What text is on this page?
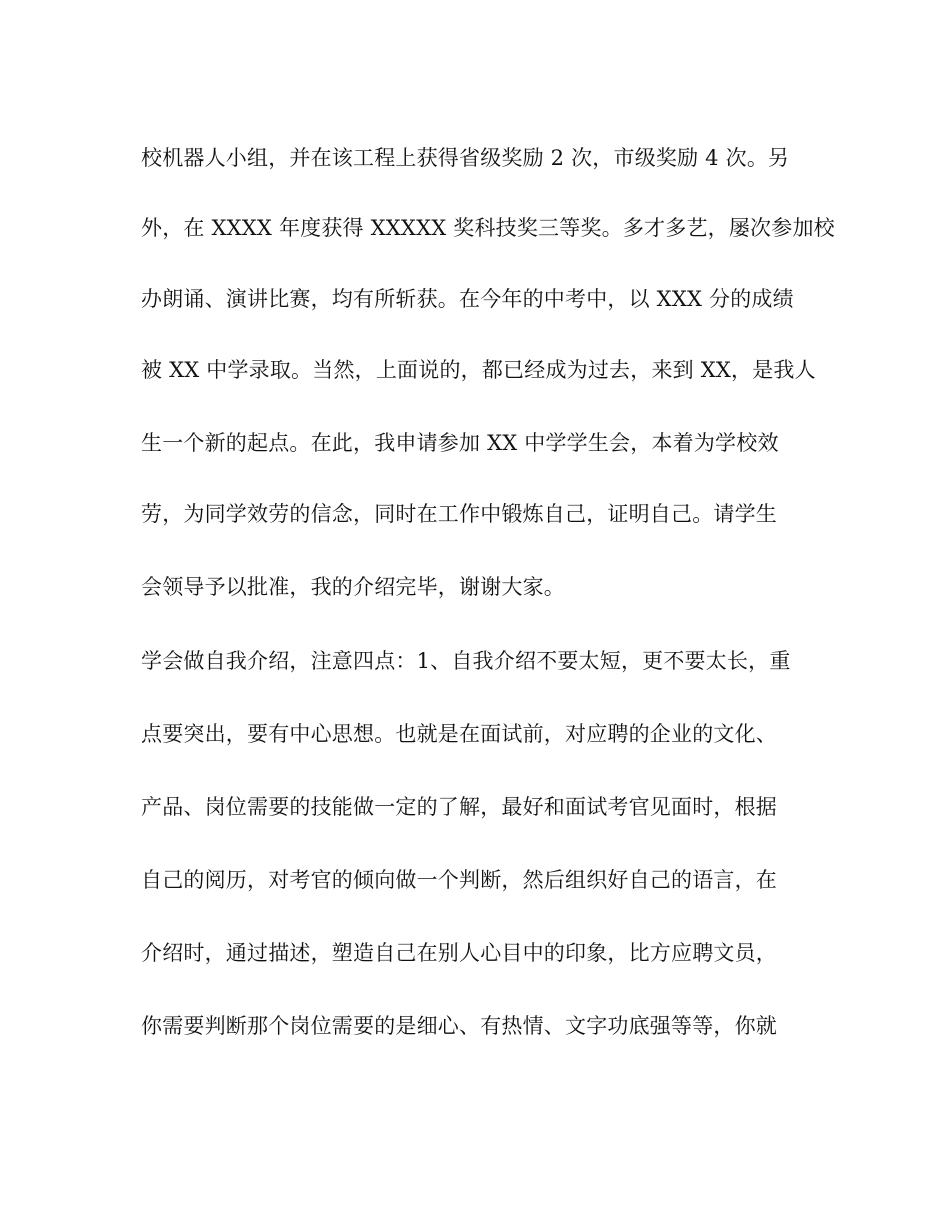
校机器人小组，并在该工程上获得省级奖励 2 次，市级奖励 4 次。另
外，在 XXXX 年度获得 XXXXX 奖科技奖三等奖。多才多艺，屡次参加校
办朗诵、演讲比赛，均有所斩获。在今年的中考中，以 XXX 分的成绩
被 XX 中学录取。当然，上面说的，都已经成为过去，来到 XX，是我人
生一个新的起点。在此，我申请参加 XX 中学学生会，本着为学校效
劳，为同学效劳的信念，同时在工作中锻炼自己，证明自己。请学生
会领导予以批准，我的介绍完毕，谢谢大家。
学会做自我介绍，注意四点：1、自我介绍不要太短，更不要太长，重
点要突出，要有中心思想。也就是在面试前，对应聘的企业的文化、
产品、岗位需要的技能做一定的了解，最好和面试考官见面时，根据
自己的阅历，对考官的倾向做一个判断，然后组织好自己的语言，在
介绍时，通过描述，塑造自己在别人心目中的印象，比方应聘文员，
你需要判断那个岗位需要的是细心、有热情、文字功底强等等，你就
